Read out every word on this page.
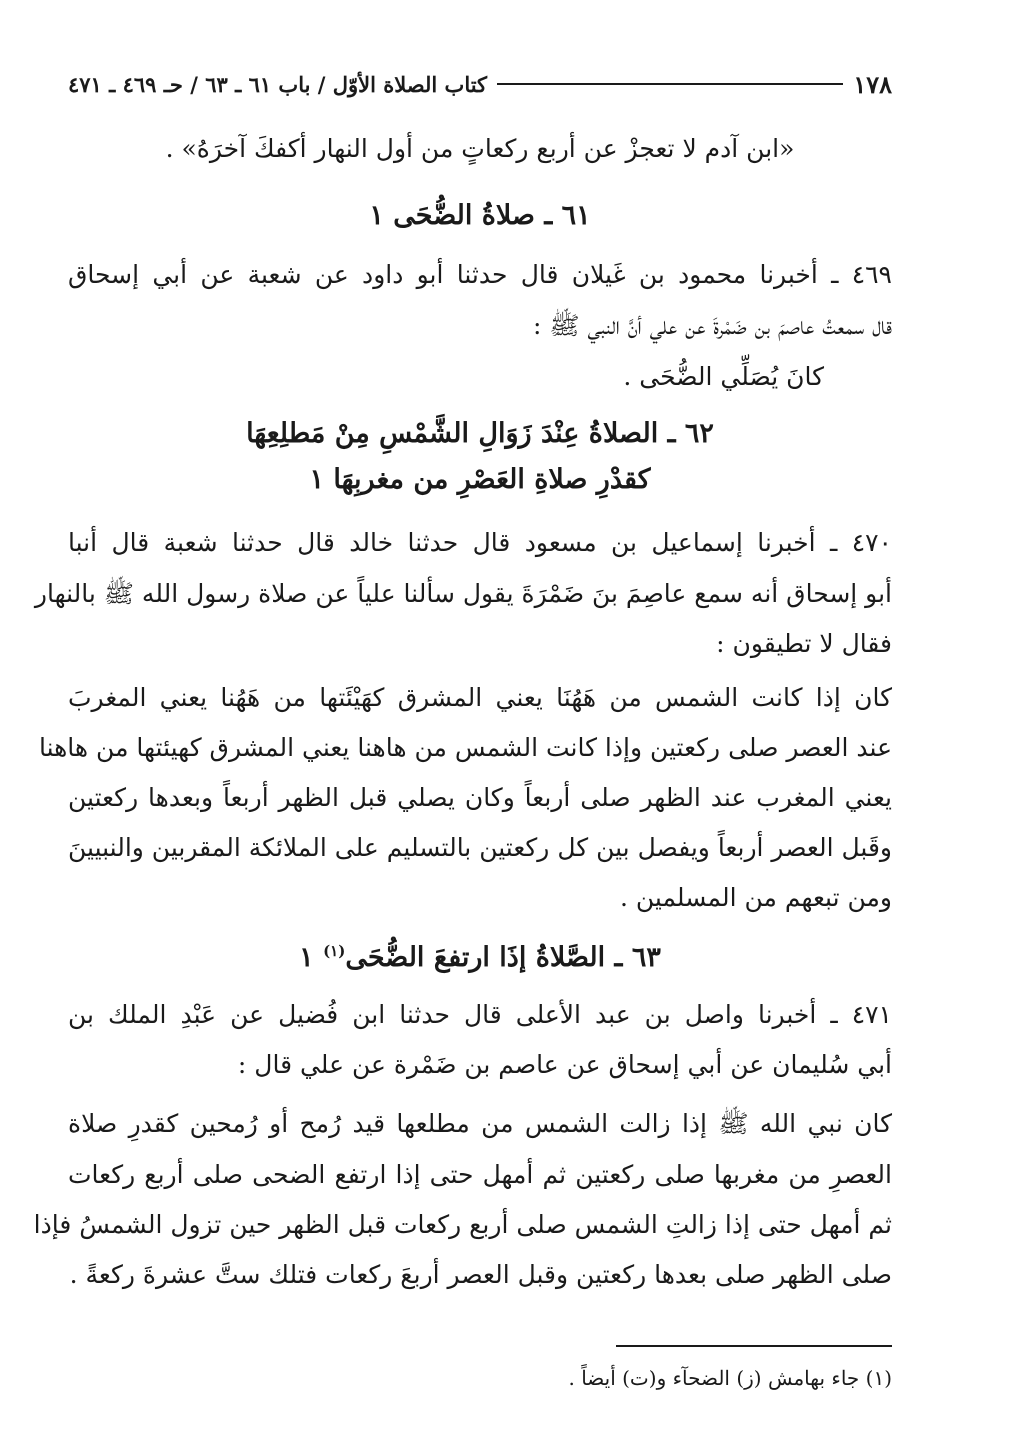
١٧٨
كتاب الصلاة الأوّل / باب ٦١ ـ ٦٣ / حـ ٤٦٩ ـ ٤٧١
«ابن آدم لا تعجزْ عن أربع ركعاتٍ من أول النهار أكفكَ آخرَهُ» .
٦١ ـ صلاةُ الضُّحَى ١
٤٦٩ ـ أخبرنا محمود بن غَيلان قال حدثنا أبو داود عن شعبة عن أبي إسحاق
قال سمعتُ عاصمَ بن ضَمْرةَ عن علي أنَّ النبي ﷺ :
كانَ يُصَلِّي الضُّحَى .
٦٢ ـ الصلاةُ عِنْدَ زَوَالِ الشَّمْسِ مِنْ مَطلِعِهَا
كقدْرِ صلاةِ العَصْرِ من مغربِهَا ١
٤٧٠ ـ أخبرنا إسماعيل بن مسعود قال حدثنا خالد قال حدثنا شعبة قال أنبا
أبو إسحاق أنه سمع عاصِمَ بنَ ضَمْرَةَ يقول سألنا علياً عن صلاة رسول الله ﷺ بالنهار
فقال لا تطيقون :
كان إذا كانت الشمس من هَهُنَا يعني المشرق كهَيْئَتها من هَهُنا يعني المغربَ
عند العصر صلى ركعتين وإذا كانت الشمس من هاهنا يعني المشرق كهيئتها من هاهنا
يعني المغرب عند الظهر صلى أربعاً وكان يصلي قبل الظهر أربعاً وبعدها ركعتين
وقَبل العصر أربعاً ويفصل بين كل ركعتين بالتسليم على الملائكة المقربين والنبيينَ
ومن تبعهم من المسلمين .
٦٣ ـ الصَّلاةُ إذَا ارتفعَ الضُّحَى$^{(١)}$ ١
٤٧١ ـ أخبرنا واصل بن عبد الأعلى قال حدثنا ابن فُضيل عن عَبْدِ الملك بن
أبي سُليمان عن أبي إسحاق عن عاصم بن ضَمْرة عن علي قال :
كان نبي الله ﷺ إذا زالت الشمس من مطلعها قيد رُمح أو رُمحين كقدرِ صلاة
العصرِ من مغربها صلى ركعتين ثم أمهل حتى إذا ارتفع الضحى صلى أربع ركعات
ثم أمهل حتى إذا زالتِ الشمس صلى أربع ركعات قبل الظهر حين تزول الشمسُ فإذا
صلى الظهر صلى بعدها ركعتين وقبل العصر أربعَ ركعات فتلك ستَّ عشرةَ ركعةً .
(١) جاء بهامش (ز) الضحآء و(ت) أيضاً .
